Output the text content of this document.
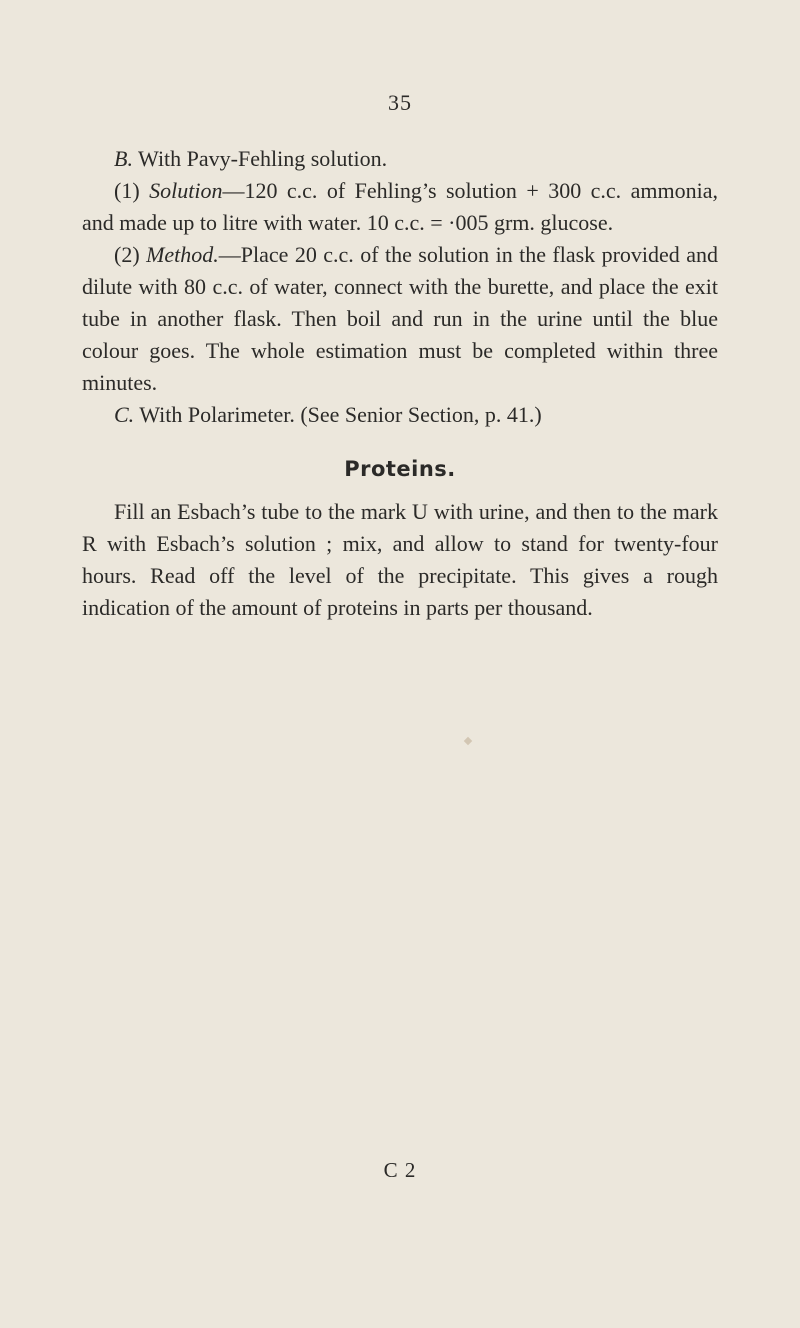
35

B. With Pavy-Fehling solution.

(1) Solution—120 c.c. of Fehling’s solution + 300 c.c. ammonia, and made up to litre with water. 10 c.c. = ·005 grm. glucose.

(2) Method.—Place 20 c.c. of the solution in the flask provided and dilute with 80 c.c. of water, connect with the burette, and place the exit tube in another flask. Then boil and run in the urine until the blue colour goes. The whole estimation must be completed within three minutes.

C. With Polarimeter. (See Senior Section, p. 41.)

Proteins.

Fill an Esbach’s tube to the mark U with urine, and then to the mark R with Esbach’s solution ; mix, and allow to stand for twenty-four hours. Read off the level of the precipitate. This gives a rough indication of the amount of proteins in parts per thousand.

C 2
